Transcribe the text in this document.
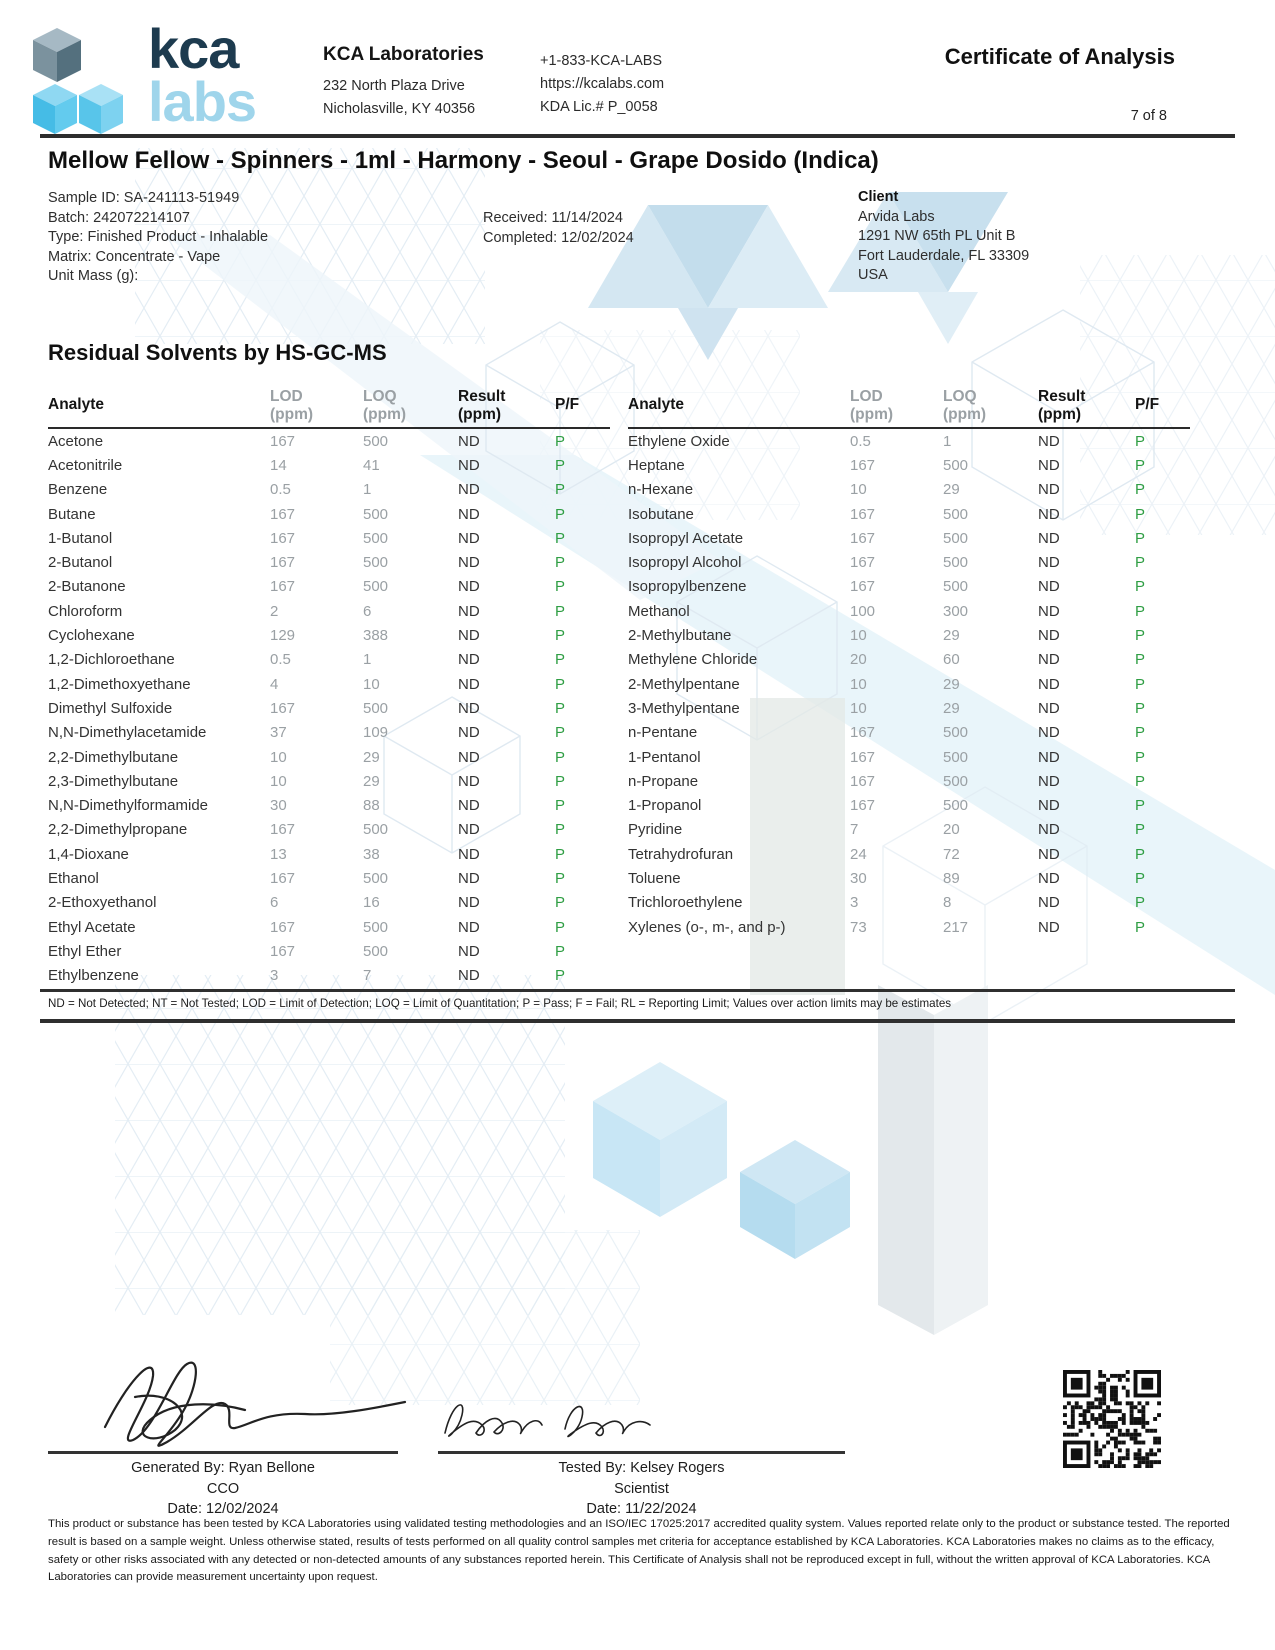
kca
labs
KCA Laboratories
232 North Plaza Drive
Nicholasville, KY 40356
+1-833-KCA-LABS
https://kcalabs.com
KDA Lic.# P_0058
Certificate of Analysis
7 of 8
Mellow Fellow - Spinners - 1ml - Harmony - Seoul - Grape Dosido (Indica)
Sample ID: SA-241113-51949
Batch: 242072214107
Type: Finished Product - Inhalable
Matrix: Concentrate - Vape
Unit Mass (g):
Received: 11/14/2024
Completed: 12/02/2024
Client
Arvida Labs
1291 NW 65th PL Unit B
Fort Lauderdale, FL 33309
USA
Residual Solvents by HS-GC-MS
Analyte	LOD
(ppm)
LOQ
(ppm)
Result
(ppm)
P/F
Acetone	167	500	ND	P
Acetonitrile	14	41	ND	P
Benzene	0.5	1	ND	P
Butane	167	500	ND	P
1-Butanol	167	500	ND	P
2-Butanol	167	500	ND	P
2-Butanone	167	500	ND	P
Chloroform	2	6	ND	P
Cyclohexane	129	388	ND	P
1,2-Dichloroethane	0.5	1	ND	P
1,2-Dimethoxyethane	4	10	ND	P
Dimethyl Sulfoxide	167	500	ND	P
N,N-Dimethylacetamide	37	109	ND	P
2,2-Dimethylbutane	10	29	ND	P
2,3-Dimethylbutane	10	29	ND	P
N,N-Dimethylformamide	30	88	ND	P
2,2-Dimethylpropane	167	500	ND	P
1,4-Dioxane	13	38	ND	P
Ethanol	167	500	ND	P
2-Ethoxyethanol	6	16	ND	P
Ethyl Acetate	167	500	ND	P
Ethyl Ether	167	500	ND	P
Ethylbenzene	3	7	ND	P
Analyte	LOD
(ppm)
LOQ
(ppm)
Result
(ppm)
P/F
Ethylene Oxide	0.5	1	ND	P
Heptane	167	500	ND	P
n-Hexane	10	29	ND	P
Isobutane	167	500	ND	P
Isopropyl Acetate	167	500	ND	P
Isopropyl Alcohol	167	500	ND	P
Isopropylbenzene	167	500	ND	P
Methanol	100	300	ND	P
2-Methylbutane	10	29	ND	P
Methylene Chloride	20	60	ND	P
2-Methylpentane	10	29	ND	P
3-Methylpentane	10	29	ND	P
n-Pentane	167	500	ND	P
1-Pentanol	167	500	ND	P
n-Propane	167	500	ND	P
1-Propanol	167	500	ND	P
Pyridine	7	20	ND	P
Tetrahydrofuran	24	72	ND	P
Toluene	30	89	ND	P
Trichloroethylene	3	8	ND	P
Xylenes (o-, m-, and p-)	73	217	ND	P
ND = Not Detected; NT = Not Tested; LOD = Limit of Detection; LOQ = Limit of Quantitation; P = Pass; F = Fail; RL = Reporting Limit; Values over action limits may be estimates
Generated By: Ryan Bellone
CCO
Date: 12/02/2024
Tested By: Kelsey Rogers
Scientist
Date: 11/22/2024
This product or substance has been tested by KCA Laboratories using validated testing methodologies and an ISO/IEC 17025:2017 accredited quality system. Values reported relate only to the product or substance tested. The reported result is based on a sample weight. Unless otherwise stated, results of tests performed on all quality control samples met criteria for acceptance established by KCA Laboratories. KCA Laboratories makes no claims as to the efficacy, safety or other risks associated with any detected or non-detected amounts of any substances reported herein. This Certificate of Analysis shall not be reproduced except in full, without the written approval of KCA Laboratories. KCA Laboratories can provide measurement uncertainty upon request.
